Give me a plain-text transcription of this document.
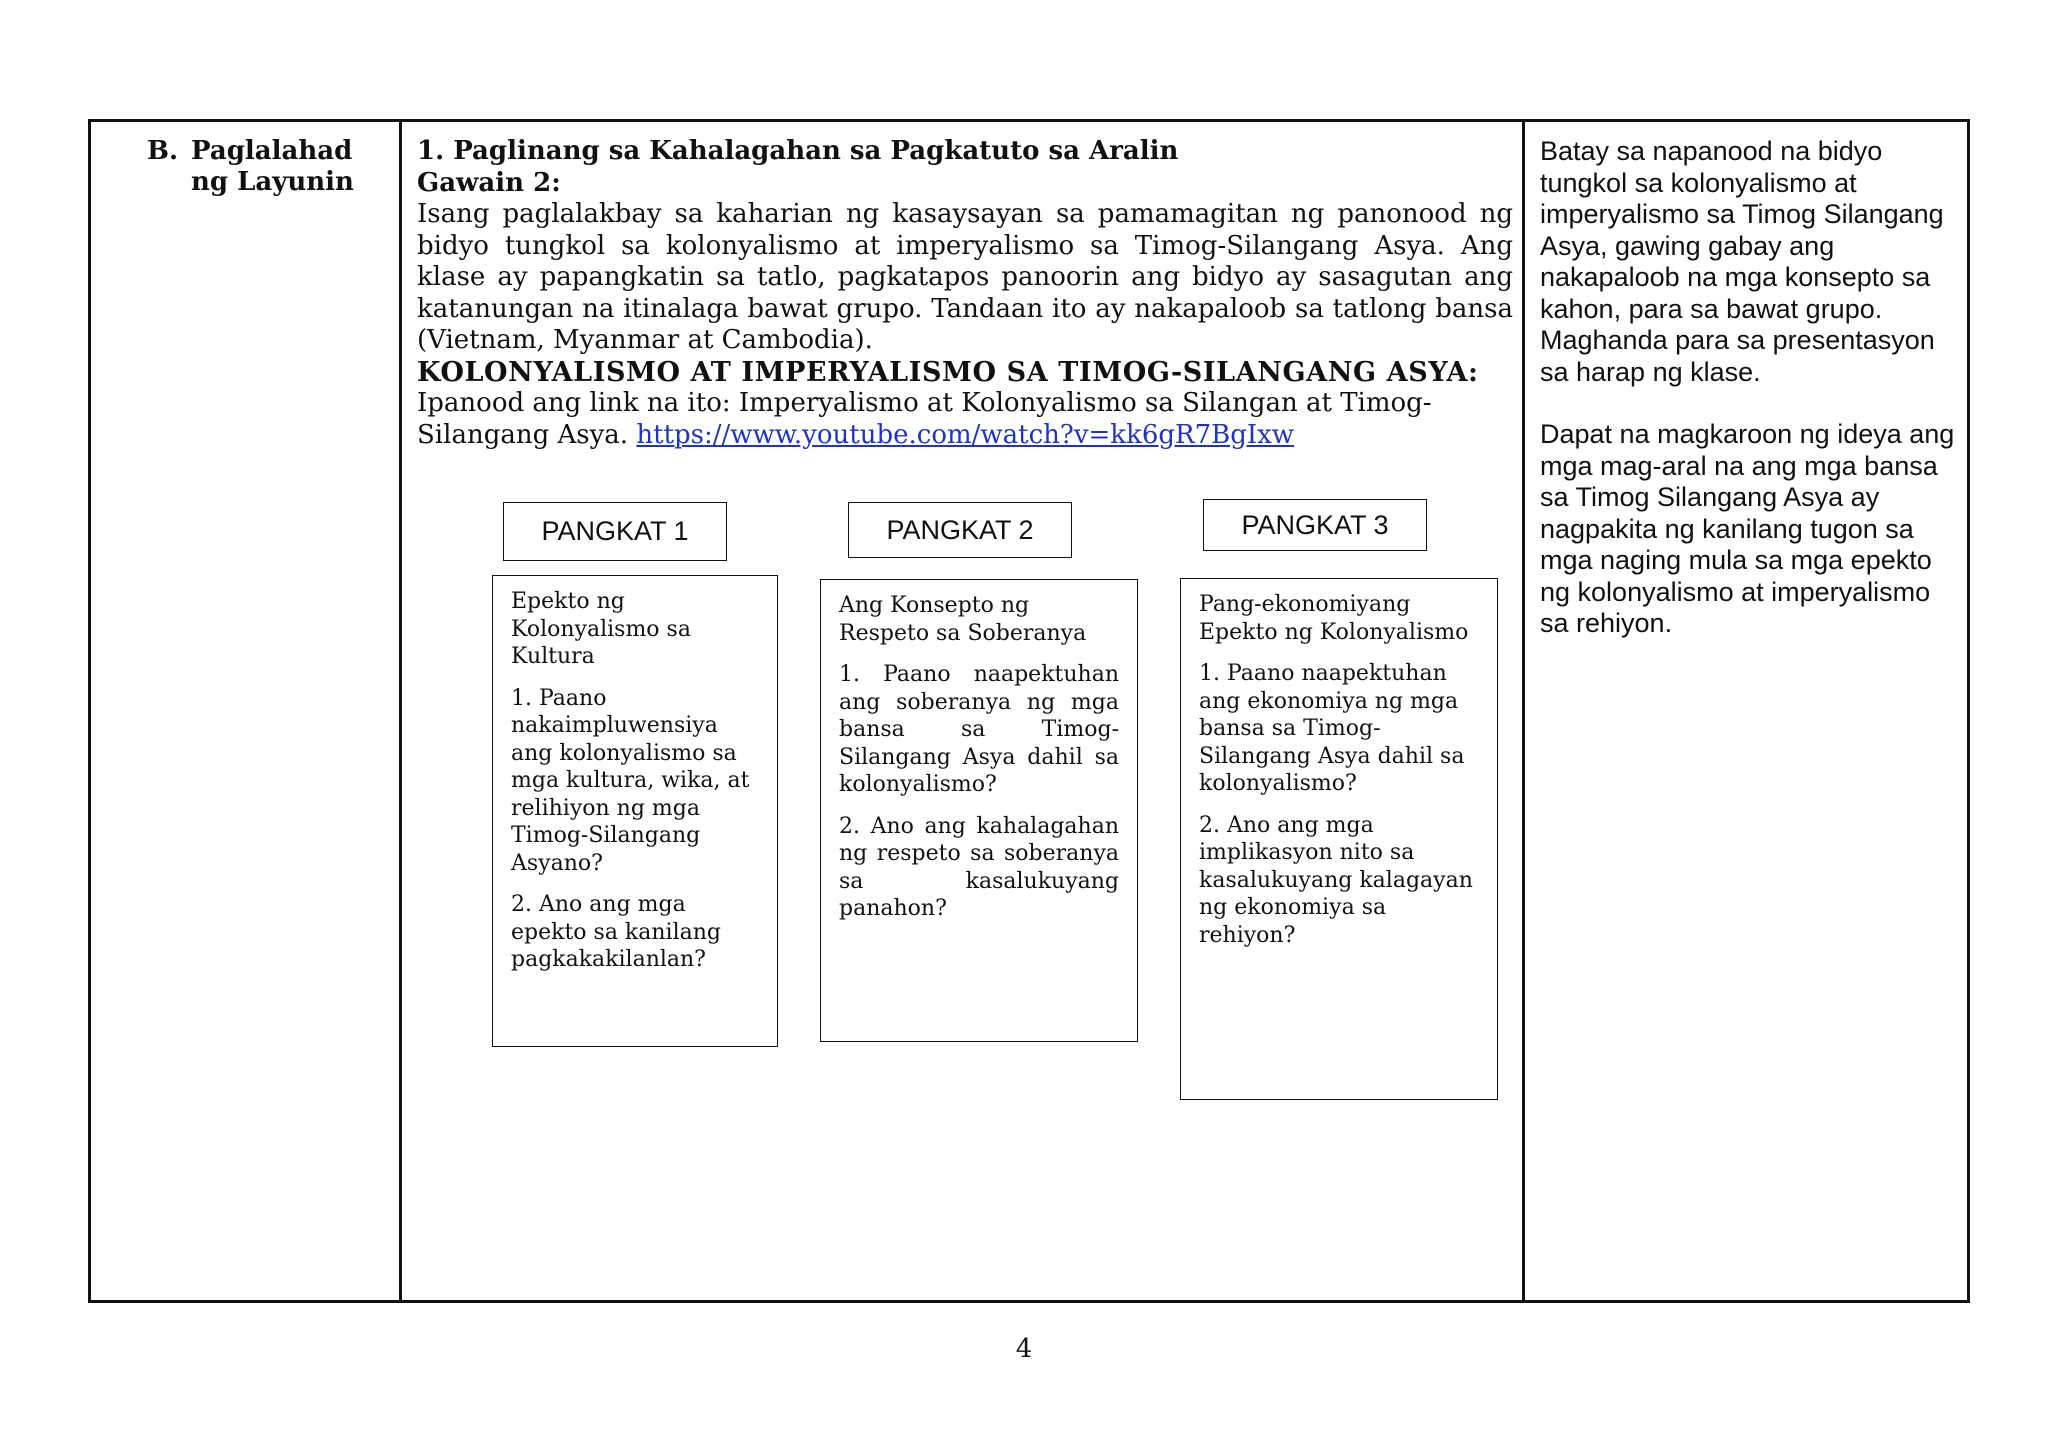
B. Paglalahad ng Layunin
1. Paglinang sa Kahalagahan sa Pagkatuto sa Aralin
Gawain 2:
Isang paglalakbay sa kaharian ng kasaysayan sa pamamagitan ng panonood ng bidyo tungkol sa kolonyalismo at imperyalismo sa Timog-Silangang Asya. Ang klase ay papangkatin sa tatlo, pagkatapos panoorin ang bidyo ay sasagutan ang katanungan na itinalaga bawat grupo. Tandaan ito ay nakapaloob sa tatlong bansa (Vietnam, Myanmar at Cambodia).
KOLONYALISMO AT IMPERYALISMO SA TIMOG-SILANGANG ASYA:
Ipanood ang link na ito: Imperyalismo at Kolonyalismo sa Silangan at Timog-Silangang Asya. https://www.youtube.com/watch?v=kk6gR7BgIxw
PANGKAT 1	PANGKAT 2	PANGKAT 3

Epekto ng Kolonyalismo sa Kultura

1. Paano nakaimpluwensiya ang kolonyalismo sa mga kultura, wika, at relihiyon ng mga Timog-Silangang Asyano?

2. Ano ang mga epekto sa kanilang pagkakakilanlan?

Ang Konsepto ng Respeto sa Soberanya

1. Paano naapektuhan ang soberanya ng mga bansa sa Timog-Silangang Asya dahil sa kolonyalismo?

2. Ano ang kahalagahan ng respeto sa soberanya sa kasalukuyang panahon?

Pang-ekonomiyang Epekto ng Kolonyalismo

1. Paano naapektuhan ang ekonomiya ng mga bansa sa Timog-Silangang Asya dahil sa kolonyalismo?

2. Ano ang mga implikasyon nito sa kasalukuyang kalagayan ng ekonomiya sa rehiyon?

Batay sa napanood na bidyo tungkol sa kolonyalismo at imperyalismo sa Timog Silangang Asya, gawing gabay ang nakapaloob na mga konsepto sa kahon, para sa bawat grupo. Maghanda para sa presentasyon sa harap ng klase.

Dapat na magkaroon ng ideya ang mga mag-aral na ang mga bansa sa Timog Silangang Asya ay nagpakita ng kanilang tugon sa mga naging mula sa mga epekto ng kolonyalismo at imperyalismo sa rehiyon.

4
